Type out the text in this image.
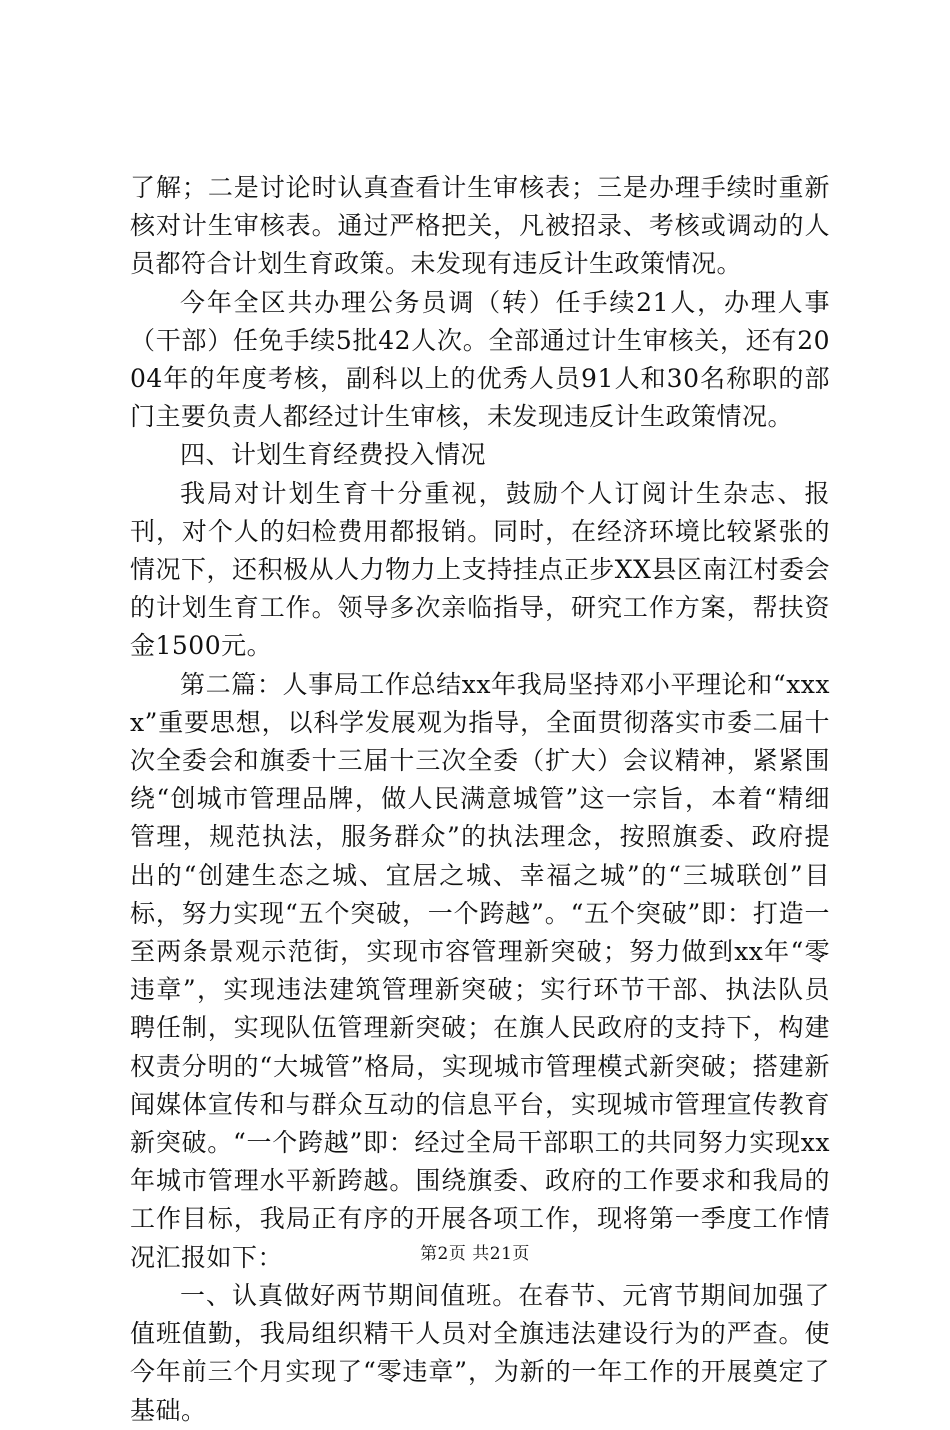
了解；二是讨论时认真查看计生审核表；三是办理手续时重新核对计生审核表。通过严格把关，凡被招录、考核或调动的人员都符合计划生育政策。未发现有违反计生政策情况。

今年全区共办理公务员调（转）任手续21人，办理人事（干部）任免手续5批42人次。全部通过计生审核关，还有2004年的年度考核，副科以上的优秀人员91人和30名称职的部门主要负责人都经过计生审核，未发现违反计生政策情况。

四、计划生育经费投入情况

我局对计划生育十分重视，鼓励个人订阅计生杂志、报刊，对个人的妇检费用都报销。同时，在经济环境比较紧张的情况下，还积极从人力物力上支持挂点正步XX县区南江村委会的计划生育工作。领导多次亲临指导，研究工作方案，帮扶资金1500元。

第二篇：人事局工作总结xx年我局坚持邓小平理论和“xxxx”重要思想，以科学发展观为指导，全面贯彻落实市委二届十次全委会和旗委十三届十三次全委（扩大）会议精神，紧紧围绕“创城市管理品牌，做人民满意城管”这一宗旨，本着“精细管理，规范执法，服务群众”的执法理念，按照旗委、政府提出的“创建生态之城、宜居之城、幸福之城”的“三城联创”目标，努力实现“五个突破，一个跨越”。“五个突破”即：打造一至两条景观示范街，实现市容管理新突破；努力做到xx年“零违章”，实现违法建筑管理新突破；实行环节干部、执法队员聘任制，实现队伍管理新突破；在旗人民政府的支持下，构建权责分明的“大城管”格局，实现城市管理模式新突破；搭建新闻媒体宣传和与群众互动的信息平台，实现城市管理宣传教育新突破。“一个跨越”即：经过全局干部职工的共同努力实现xx年城市管理水平新跨越。围绕旗委、政府的工作要求和我局的工作目标，我局正有序的开展各项工作，现将第一季度工作情况汇报如下：

一、认真做好两节期间值班。在春节、元宵节期间加强了值班值勤，我局组织精干人员对全旗违法建设行为的严查。使今年前三个月实现了“零违章”，为新的一年工作的开展奠定了基础。

第2页 共21页
